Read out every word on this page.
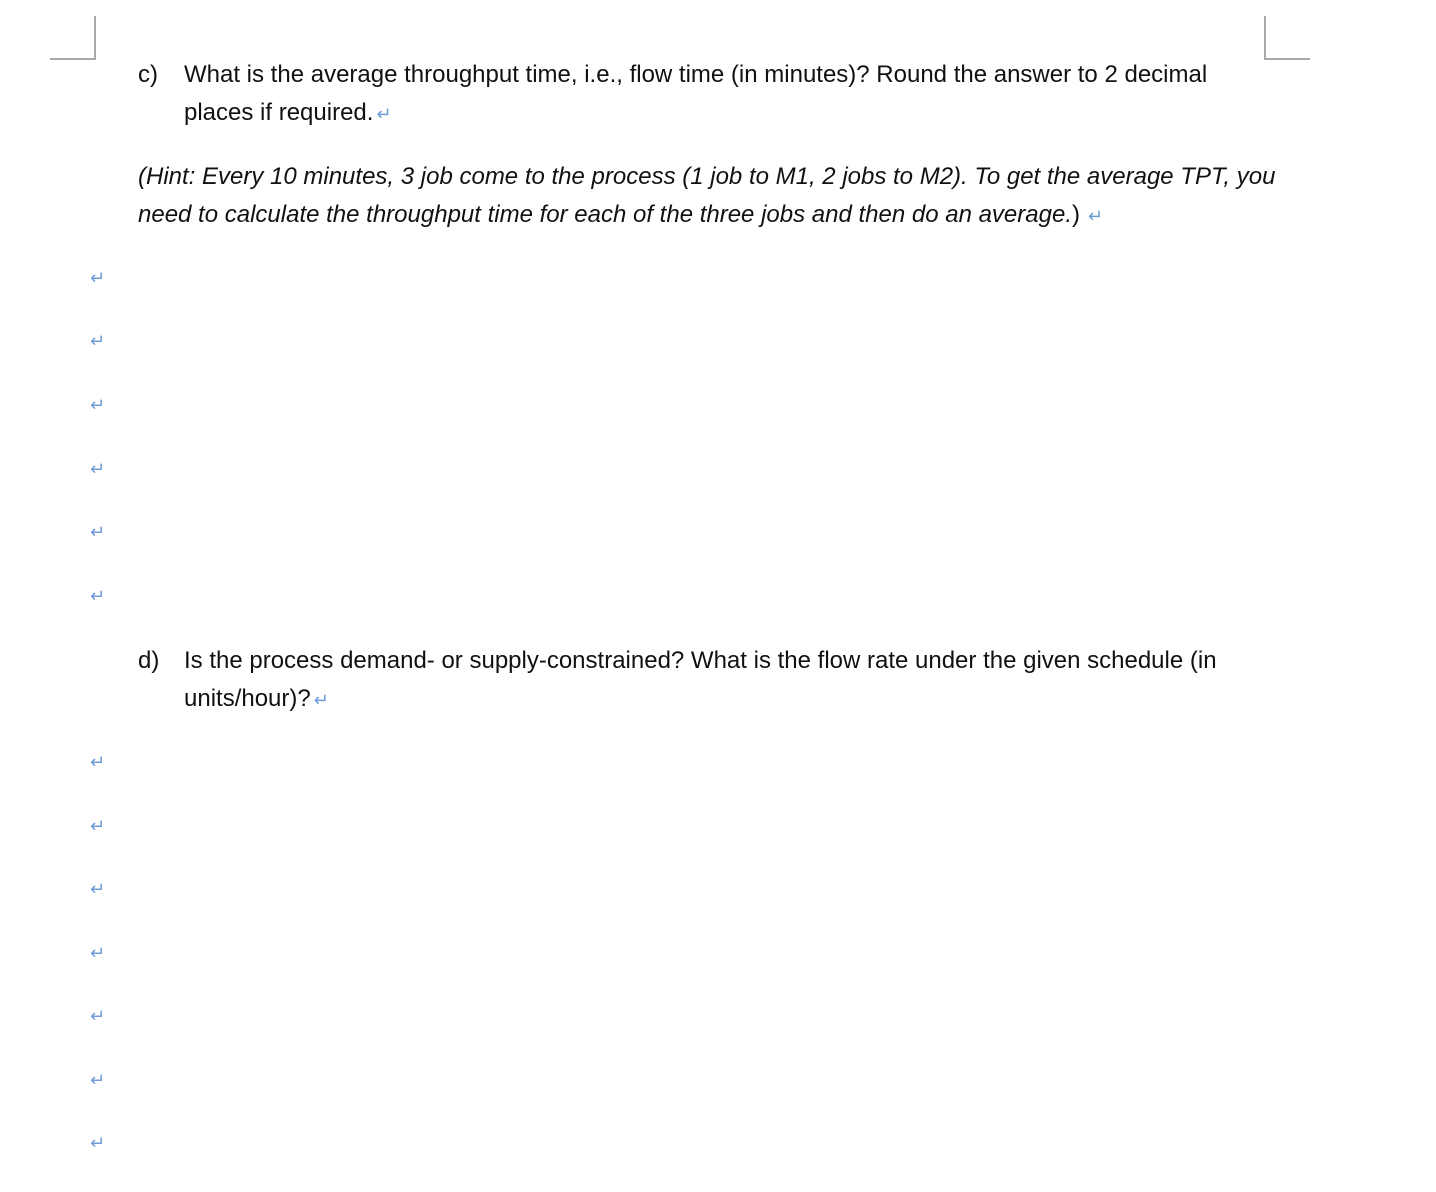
c)	What is the average throughput time, i.e., flow time (in minutes)? Round the answer to 2 decimal places if required. ↵
(Hint: Every 10 minutes, 3 job come to the process (1 job to M1, 2 jobs to M2). To get the average TPT, you need to calculate the throughput time for each of the three jobs and then do an average.) ↵
↵
↵
↵
↵
↵
↵
d)	Is the process demand- or supply-constrained? What is the flow rate under the given schedule (in units/hour)? ↵
↵
↵
↵
↵
↵
↵
↵
